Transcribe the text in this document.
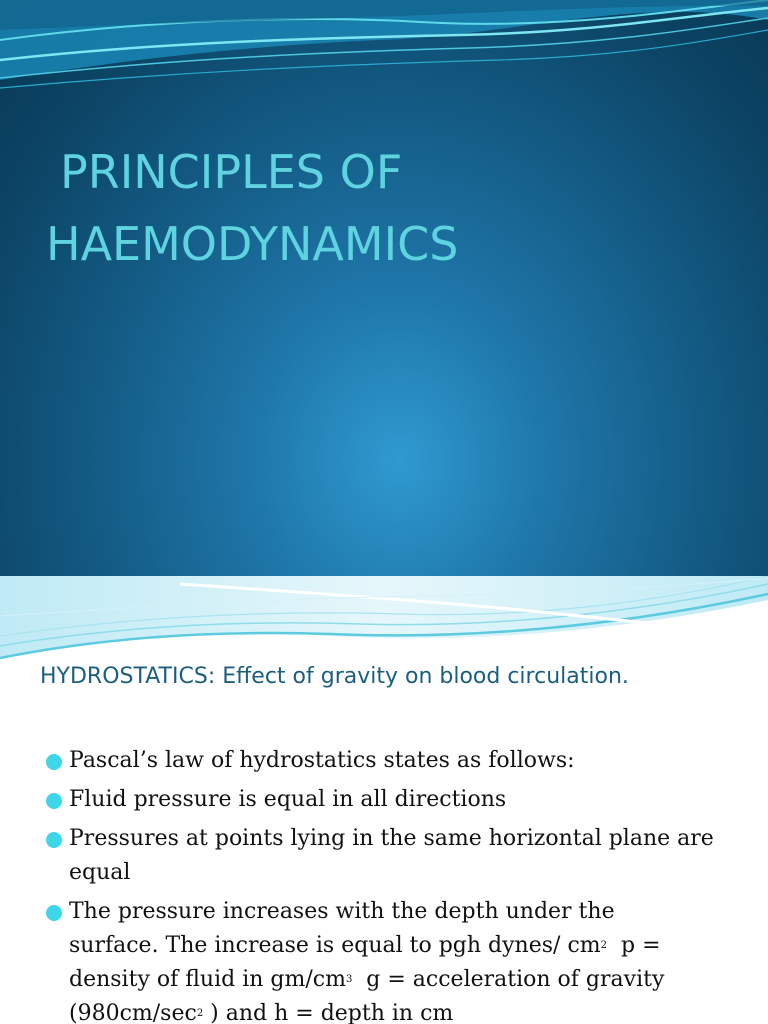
PRINCIPLES OF
HAEMODYNAMICS
HYDROSTATICS: Effect of gravity on blood circulation.
Pascal’s law of hydrostatics states as follows:
Fluid pressure is equal in all directions
Pressures at points lying in the same horizontal plane are equal
The pressure increases with the depth under the
surface. The increase is equal to pgh dynes/ $cm^2$  p =
density of fluid in $gm/cm^3$  g = acceleration of gravity
($980cm/\sec^2$ ) and h = depth in cm
